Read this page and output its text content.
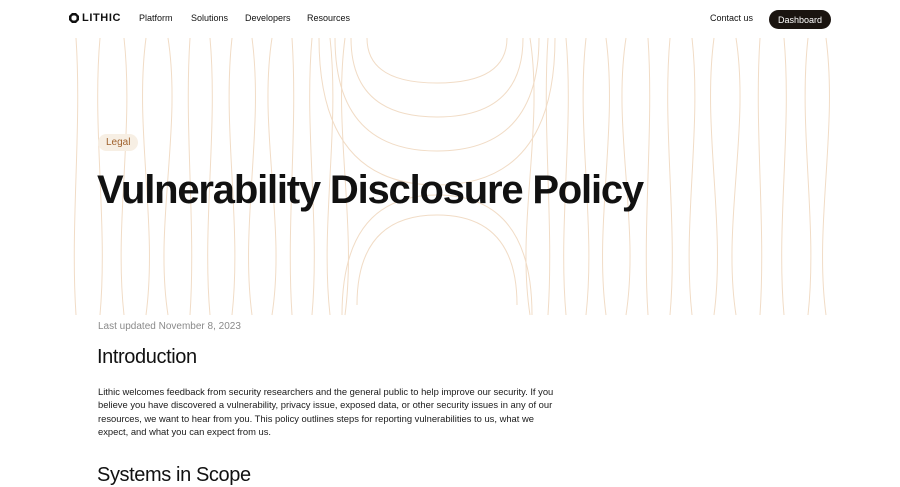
LITHIC Platform Solutions Developers Resources	Contact us	Dashboard
Legal
Vulnerability Disclosure Policy
Last updated November 8, 2023
Introduction

Lithic welcomes feedback from security researchers and the general public to help improve our security. If you believe you have discovered a vulnerability, privacy issue, exposed data, or other security issues in any of our resources, we want to hear from you. This policy outlines steps for reporting vulnerabilities to us, what we expect, and what you can expect from us.

Systems in Scope
